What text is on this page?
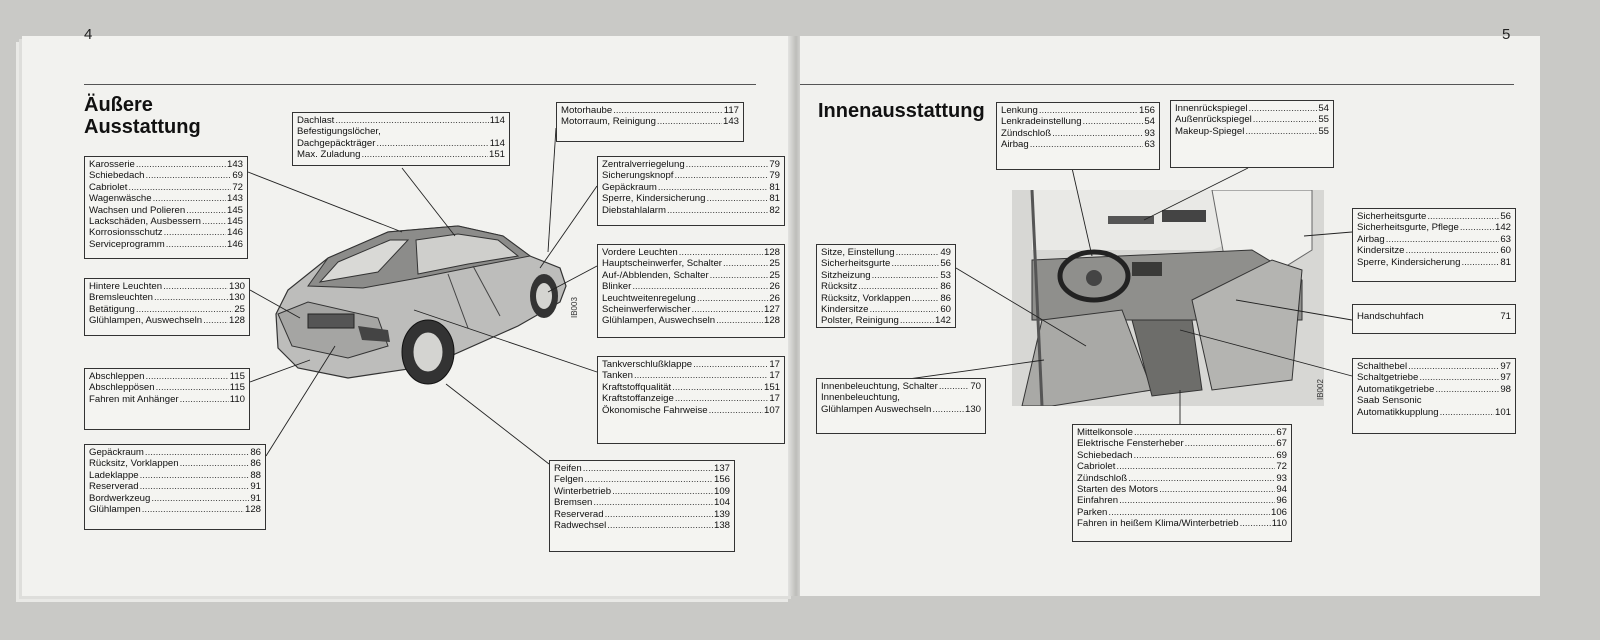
4
Äußere Ausstattung
5
Innenausstattung
IB003
IB002
Dachlast .....	114
Befestigungslöcher,
Dachgepäckträger .....	114
Max. Zuladung .....	151
Karosserie .....	143
Schiebedach .....	69
Cabriolet .....	72
Wagenwäsche .....	143
Wachsen und Polieren .....	145
Lackschäden, Ausbessern .....	145
Korrosionsschutz .....	146
Serviceprogramm .....	146
Motorhaube .....	117
Motorraum, Reinigung .....	143
Zentralverriegelung .....	79
Sicherungsknopf .....	79
Gepäckraum .....	81
Sperre, Kindersicherung .....	81
Diebstahlalarm .....	82
Hintere Leuchten .....	130
Bremsleuchten .....	130
Betätigung .....	25
Glühlampen, Auswechseln .....	128
Vordere Leuchten .....	128
Hauptscheinwerfer, Schalter .....	25
Auf-/Abblenden, Schalter .....	25
Blinker .....	26
Leuchtweitenregelung .....	26
Scheinwerferwischer .....	127
Glühlampen, Auswechseln .....	128
Abschleppen .....	115
Abschleppösen .....	115
Fahren mit Anhänger .....	110
Tankverschlußklappe .....	17
Tanken .....	17
Kraftstoffqualität .....	151
Kraftstoffanzeige .....	17
Ökonomische Fahrweise .....	107
Gepäckraum .....	86
Rücksitz, Vorklappen .....	86
Ladeklappe .....	88
Reserverad .....	91
Bordwerkzeug .....	91
Glühlampen .....	128
Reifen .....	137
Felgen .....	156
Winterbetrieb .....	109
Bremsen .....	104
Reserverad .....	139
Radwechsel .....	138
Lenkung .....	156
Lenkradeinstellung .....	54
Zündschloß .....	93
Airbag .....	63
Innenrückspiegel .....	54
Außenrückspiegel .....	55
Makeup-Spiegel .....	55
Sitze, Einstellung .....	49
Sicherheitsgurte .....	56
Sitzheizung .....	53
Rücksitz .....	86
Rücksitz, Vorklappen .....	86
Kindersitze .....	60
Polster, Reinigung .....	142
Sicherheitsgurte .....	56
Sicherheitsgurte, Pflege .....	142
Airbag .....	63
Kindersitze .....	60
Sperre, Kindersicherung .....	81
Handschuhfach	71
Innenbeleuchtung, Schalter .....	70
Innenbeleuchtung,
Glühlampen Auswechseln .....	130
Schalthebel .....	97
Schaltgetriebe .....	97
Automatikgetriebe .....	98
Saab Sensonic
Automatikkupplung .....	101
Mittelkonsole .....	67
Elektrische Fensterheber .....	67
Schiebedach .....	69
Cabriolet .....	72
Zündschloß .....	93
Starten des Motors .....	94
Einfahren .....	96
Parken .....	106
Fahren in heißem Klima/Winterbetrieb .....	110
